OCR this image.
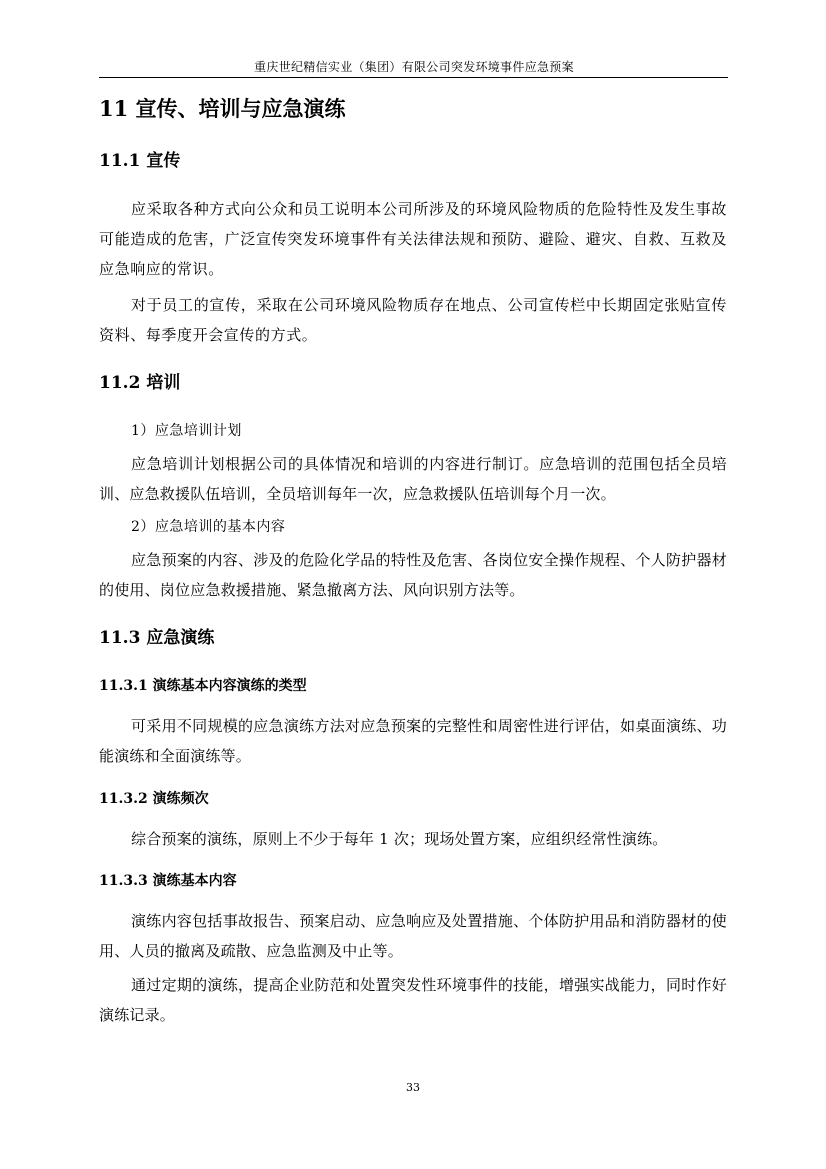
重庆世纪精信实业（集团）有限公司突发环境事件应急预案
11 宣传、培训与应急演练
11.1 宣传

应采取各种方式向公众和员工说明本公司所涉及的环境风险物质的危险特性及发生事故可能造成的危害，广泛宣传突发环境事件有关法律法规和预防、避险、避灾、自救、互救及应急响应的常识。

对于员工的宣传，采取在公司环境风险物质存在地点、公司宣传栏中长期固定张贴宣传资料、每季度开会宣传的方式。

11.2 培训
1）应急培训计划

应急培训计划根据公司的具体情况和培训的内容进行制订。应急培训的范围包括全员培训、应急救援队伍培训，全员培训每年一次，应急救援队伍培训每个月一次。

2）应急培训的基本内容

应急预案的内容、涉及的危险化学品的特性及危害、各岗位安全操作规程、个人防护器材的使用、岗位应急救援措施、紧急撤离方法、风向识别方法等。

11.3 应急演练
11.3.1 演练基本内容演练的类型

可采用不同规模的应急演练方法对应急预案的完整性和周密性进行评估，如桌面演练、功能演练和全面演练等。

11.3.2 演练频次

综合预案的演练，原则上不少于每年 1 次；现场处置方案，应组织经常性演练。

11.3.3 演练基本内容

演练内容包括事故报告、预案启动、应急响应及处置措施、个体防护用品和消防器材的使用、人员的撤离及疏散、应急监测及中止等。

通过定期的演练，提高企业防范和处置突发性环境事件的技能，增强实战能力，同时作好演练记录。

33
